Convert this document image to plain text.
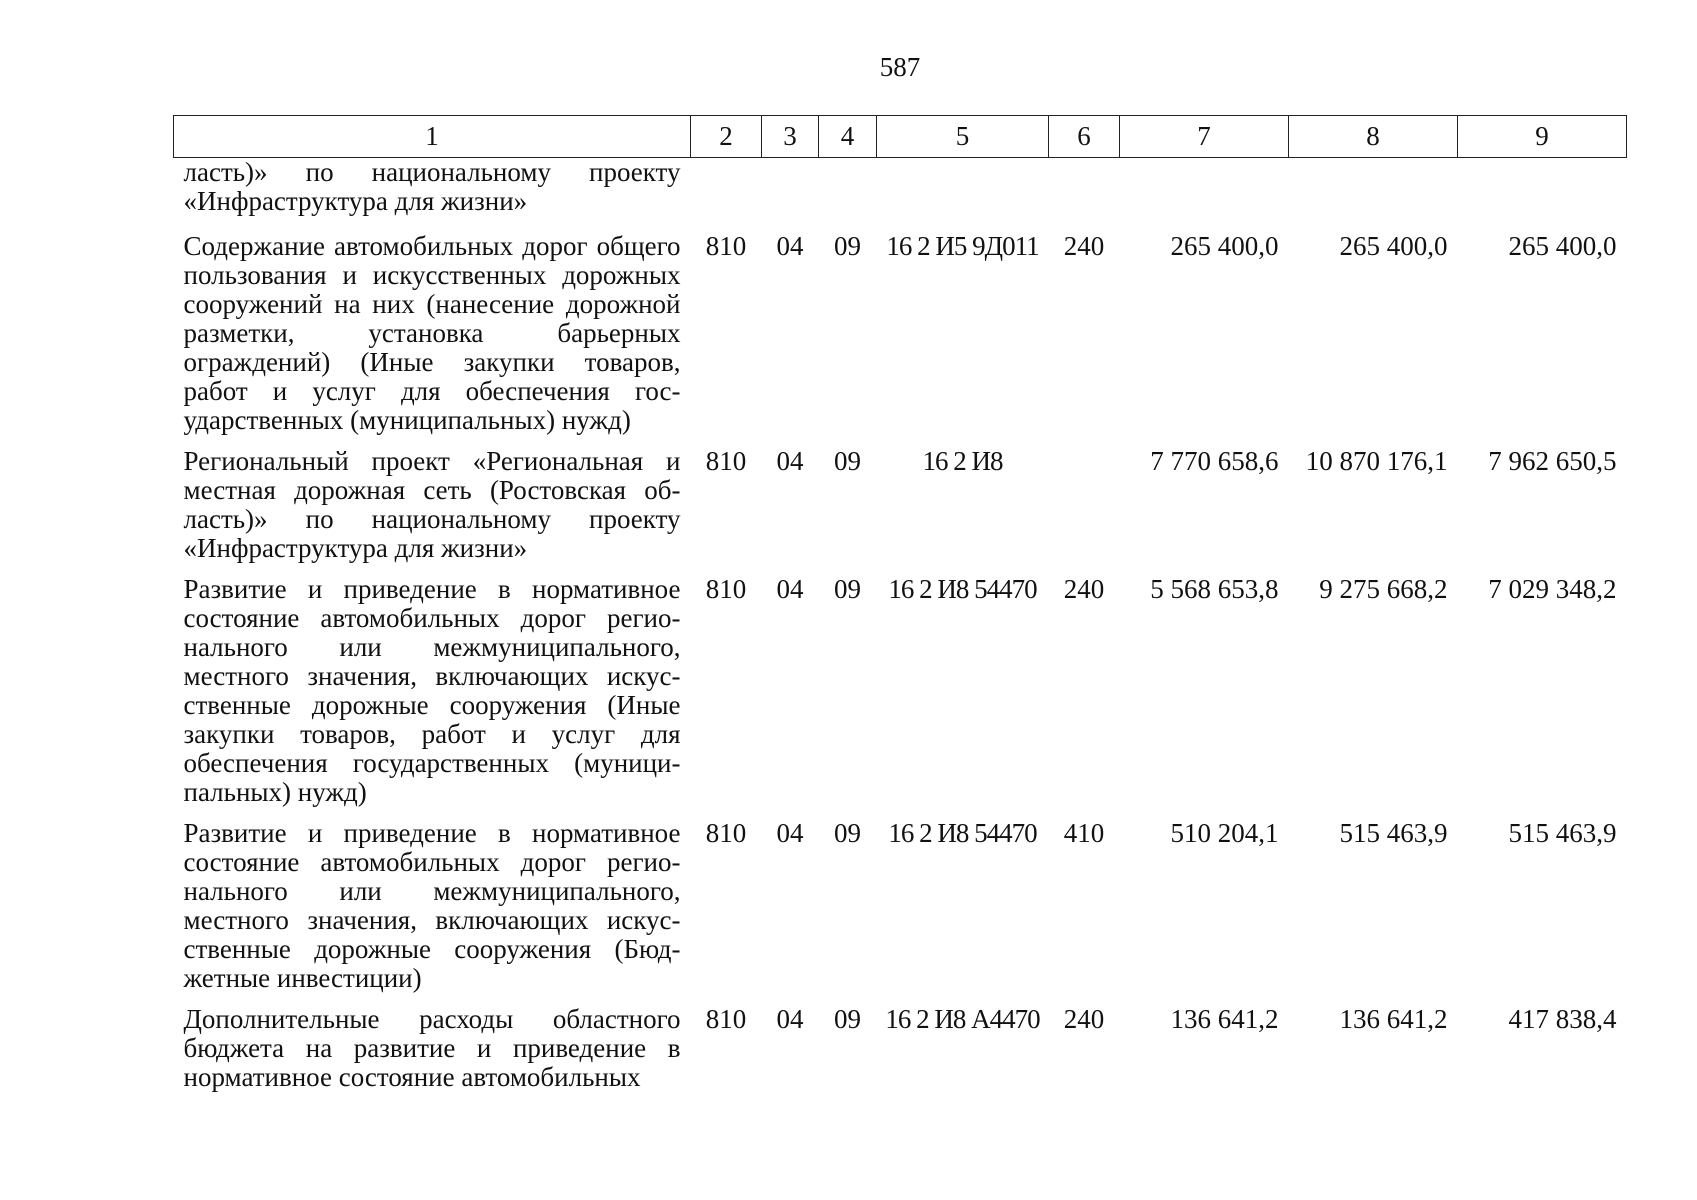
587
1	2	3	4	5	6	7	8	9
ласть)» по национальному проекту «Инфраструктура для жизни»								
Содержание автомобильных дорог общего пользования и искусственных дорожных сооружений на них (нанесение дорожной разметки, установка барьерных ограждений) (Иные закупки товаров, работ и услуг для обеспечения государственных (муниципальных) нужд)	810	04	09	16 2 И5 9Д011	240	265 400,0	265 400,0	265 400,0
Региональный проект «Региональная и местная дорожная сеть (Ростовская область)» по национальному проекту «Инфраструктура для жизни»	810	04	09	16 2 И8		7 770 658,6	10 870 176,1	7 962 650,5
Развитие и приведение в нормативное состояние автомобильных дорог регионального или межмуниципального, местного значения, включающих искусственные дорожные сооружения (Иные закупки товаров, работ и услуг для обеспечения государственных (муниципальных) нужд)	810	04	09	16 2 И8 54470	240	5 568 653,8	9 275 668,2	7 029 348,2
Развитие и приведение в нормативное состояние автомобильных дорог регионального или межмуниципального, местного значения, включающих искусственные дорожные сооружения (Бюджетные инвестиции)	810	04	09	16 2 И8 54470	410	510 204,1	515 463,9	515 463,9
Дополнительные расходы областного бюджета на развитие и приведение в нормативное состояние автомобильных	810	04	09	16 2 И8 А4470	240	136 641,2	136 641,2	417 838,4
